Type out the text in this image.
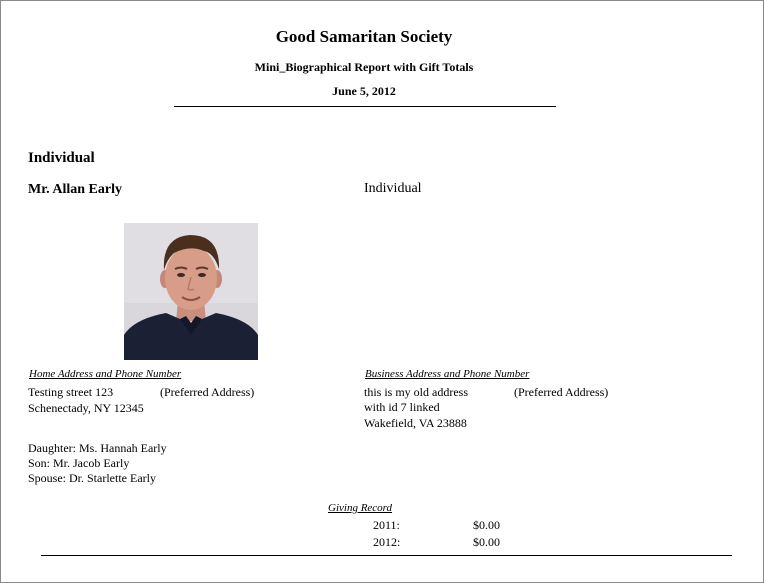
Good Samaritan Society
Mini_Biographical Report with Gift Totals
June 5, 2012
Individual
Mr. Allan Early	Individual
Home Address and Phone Number
Testing street 123	(Preferred Address)
Schenectady, NY 12345
Business Address and Phone Number
this is my old address	(Preferred Address)
with id 7 linked
Wakefield, VA 23888
Daughter: Ms. Hannah Early
Son: Mr. Jacob Early
Spouse: Dr. Starlette Early
Giving Record
2011:	$0.00
2012:	$0.00
